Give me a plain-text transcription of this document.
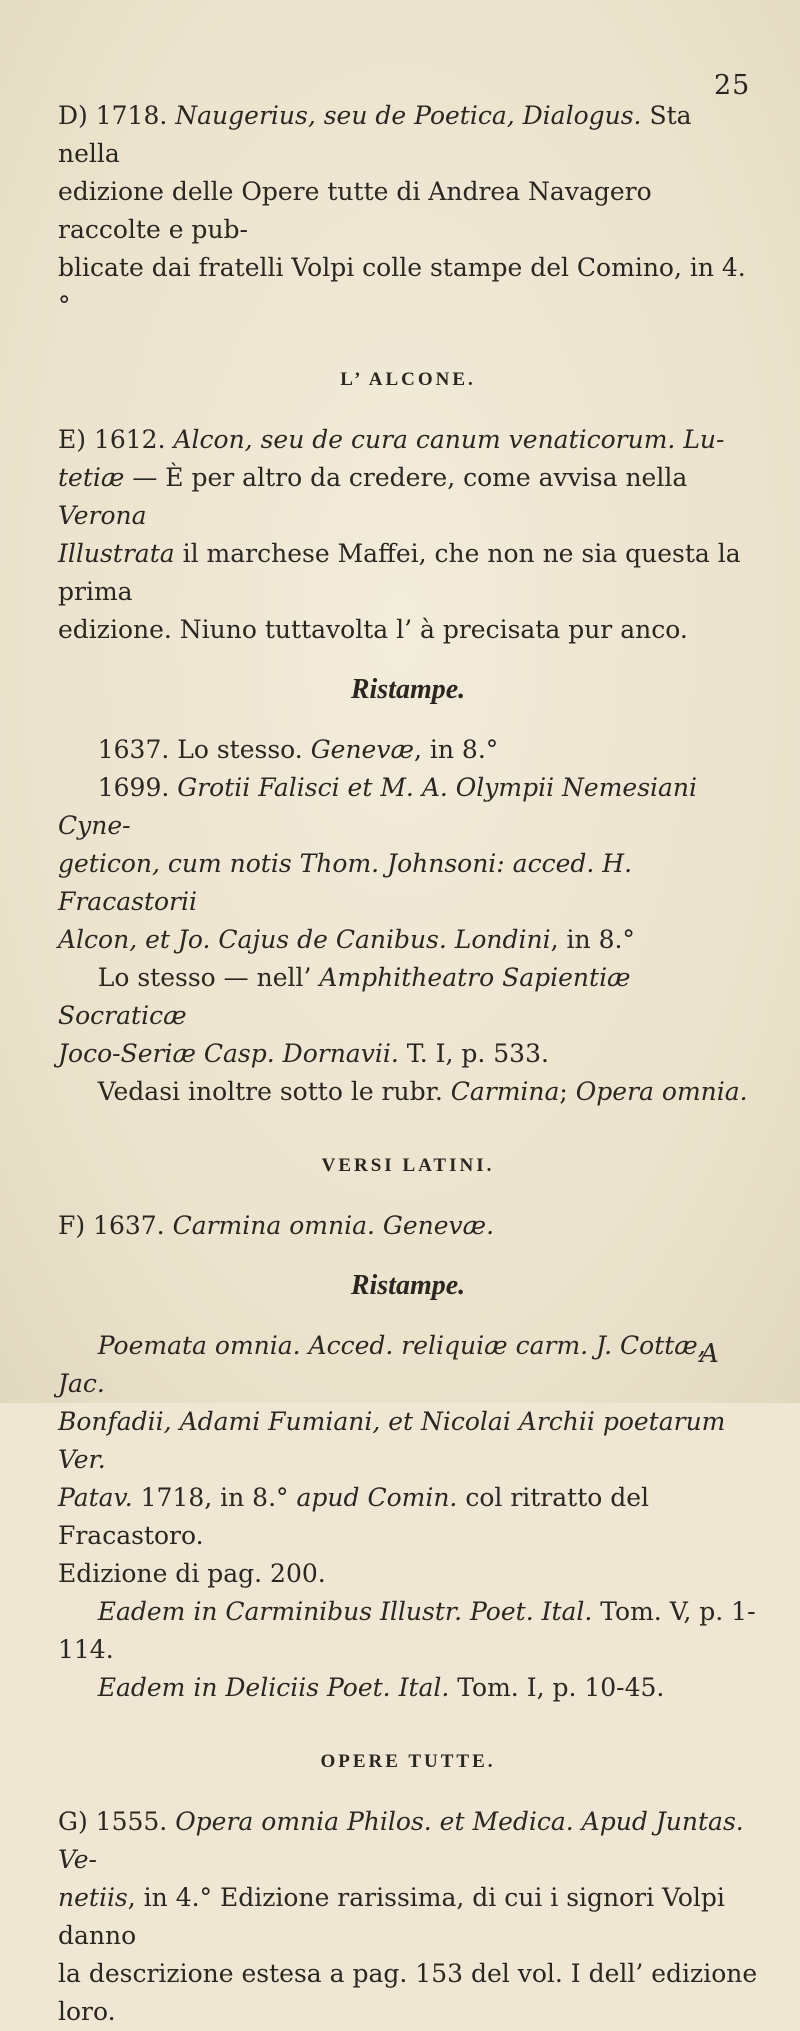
25
D) 1718. Naugerius, seu de Poetica, Dialogus. Sta nella
edizione delle Opere tutte di Andrea Navagero raccolte e pub-
blicate dai fratelli Volpi colle stampe del Comino, in 4.°
L’ ALCONE.
E) 1612. Alcon, seu de cura canum venaticorum. Lu-
tetiæ — È per altro da credere, come avvisa nella Verona
Illustrata il marchese Maffei, che non ne sia questa la prima
edizione. Niuno tuttavolta l’ à precisata pur anco.
Ristampe.
1637. Lo stesso. Genevæ, in 8.°
1699. Grotii Falisci et M. A. Olympii Nemesiani Cyne-
geticon, cum notis Thom. Johnsoni: acced. H. Fracastorii
Alcon, et Jo. Cajus de Canibus. Londini, in 8.°
Lo stesso — nell’ Amphitheatro Sapientiæ Socraticæ
Joco-Seriæ Casp. Dornavii. T. I, p. 533.
Vedasi inoltre sotto le rubr. Carmina; Opera omnia.
VERSI LATINI.
F) 1637. Carmina omnia. Genevæ.
Ristampe.
Poemata omnia. Acced. reliquiæ carm. J. Cottæ, Jac.
Bonfadii, Adami Fumiani, et Nicolai Archii poetarum Ver.
Patav. 1718, in 8.° apud Comin. col ritratto del Fracastoro.
Edizione di pag. 200.
Eadem in Carminibus Illustr. Poet. Ital. Tom. V, p. 1-114.
Eadem in Deliciis Poet. Ital. Tom. I, p. 10-45.
OPERE TUTTE.
G) 1555. Opera omnia Philos. et Medica. Apud Juntas. Ve-
netiis, in 4.° Edizione rarissima, di cui i signori Volpi danno
la descrizione estesa a pag. 153 del vol. I dell’ edizione loro.
A
